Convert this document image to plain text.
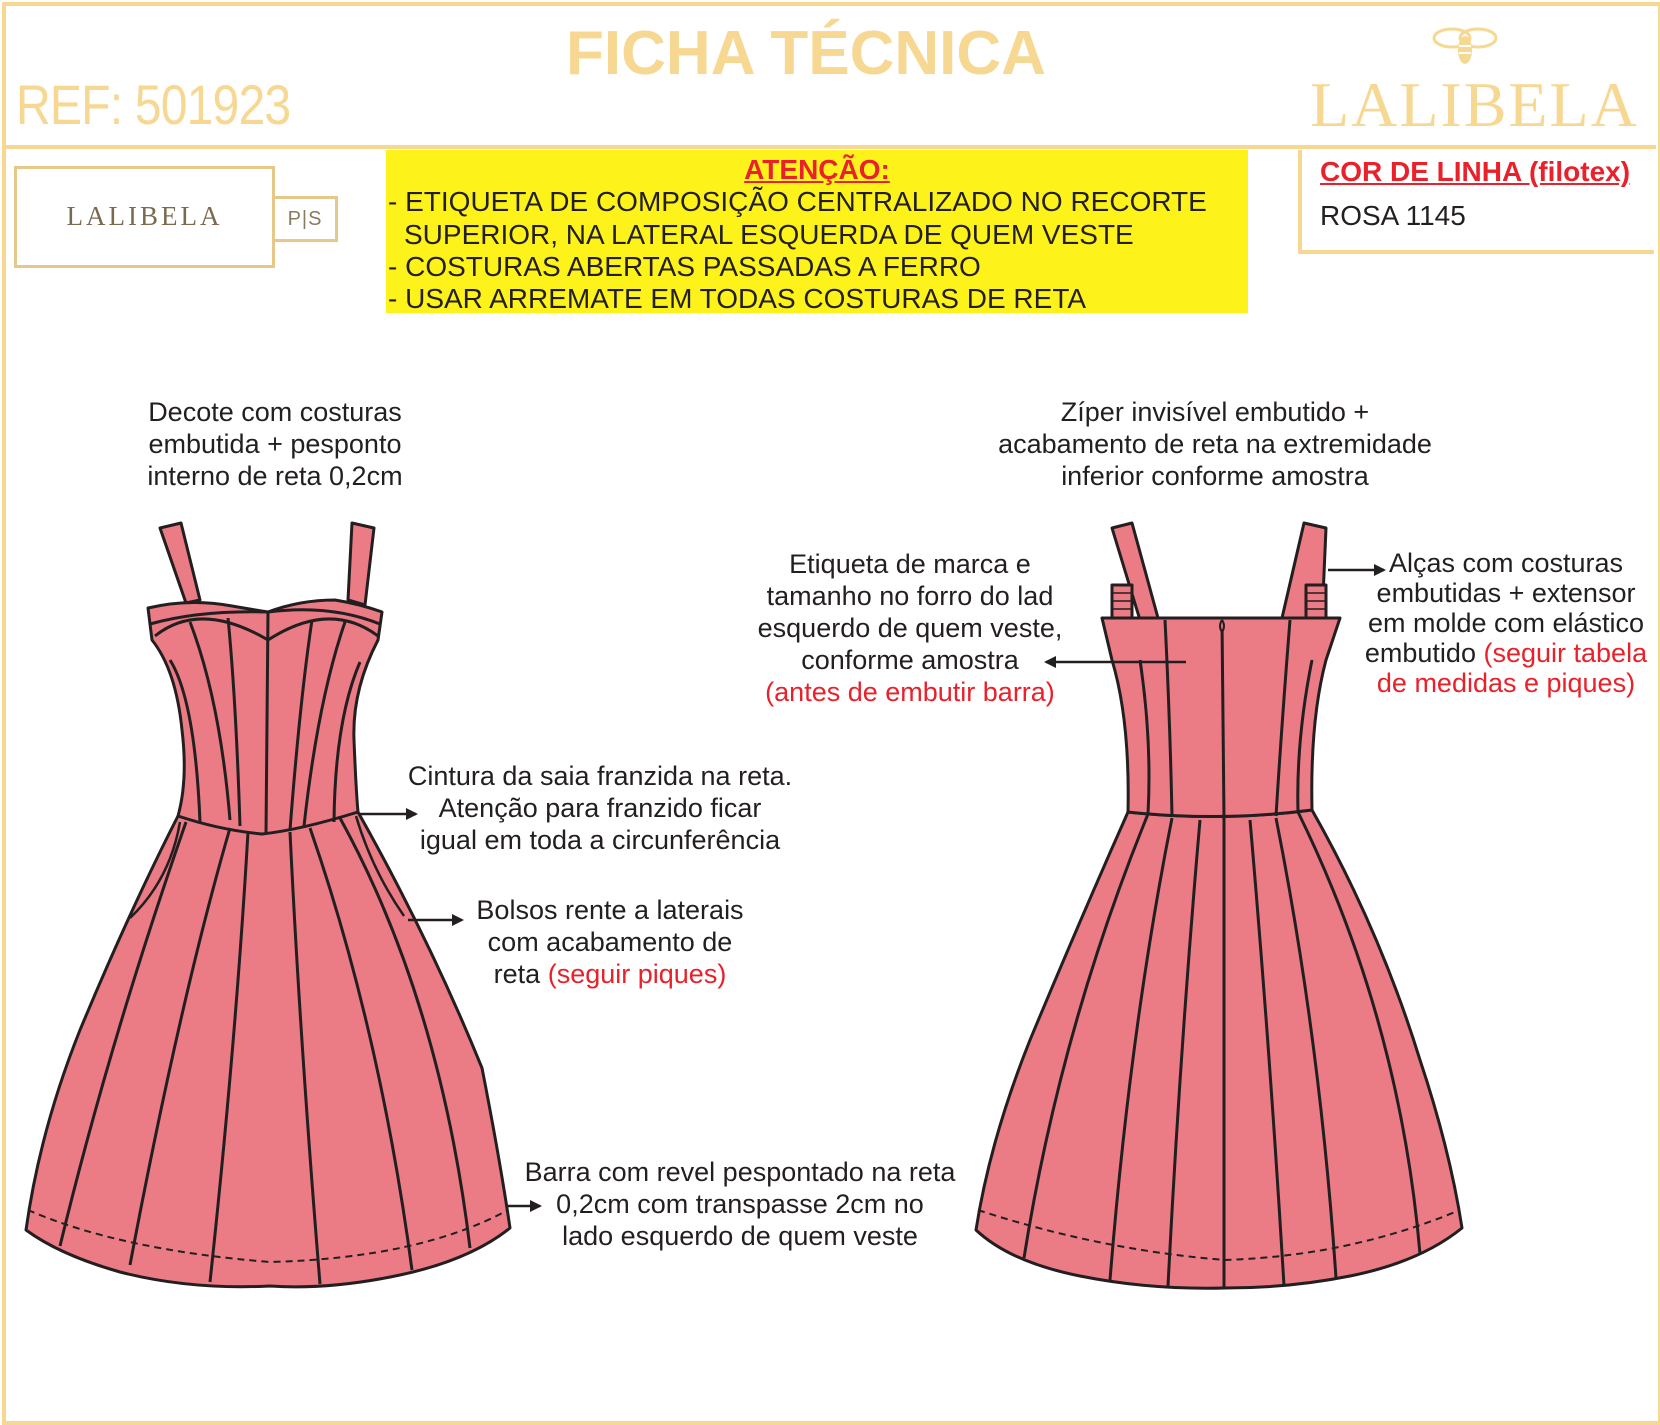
REF: 501923
FICHA TÉCNICA
LALIBELA
LALIBELA	P|S
ATENÇÃO:
- ETIQUETA DE COMPOSIÇÃO CENTRALIZADO NO RECORTE
SUPERIOR, NA LATERAL ESQUERDA DE QUEM VESTE
- COSTURAS ABERTAS PASSADAS A FERRO
- USAR ARREMATE EM TODAS COSTURAS DE RETA
COR DE LINHA (filotex)
ROSA 1145
Decote com costuras
embutida + pesponto
interno de reta 0,2cm
Zíper invisível embutido +
acabamento de reta na extremidade
inferior conforme amostra
Etiqueta de marca e
tamanho no forro do lad
esquerdo de quem veste,
conforme amostra
(antes de embutir barra)
Alças com costuras
embutidas + extensor
em molde com elástico
embutido (seguir tabela
de medidas e piques)
Cintura da saia franzida na reta.
Atenção para franzido ficar
igual em toda a circunferência
Bolsos rente a laterais
com acabamento de
reta (seguir piques)
Barra com revel pespontado na reta
0,2cm com transpasse 2cm no
lado esquerdo de quem veste
